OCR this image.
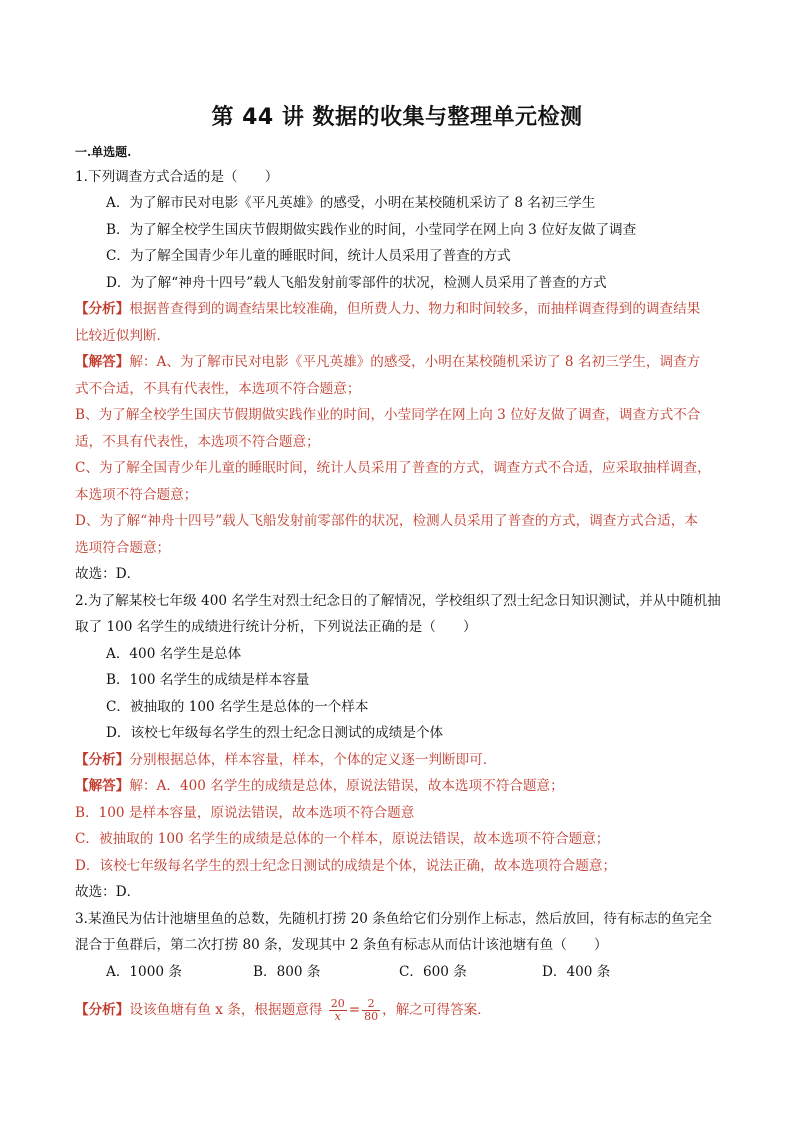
第 44 讲 数据的收集与整理单元检测
一.单选题.
1.下列调查方式合适的是（　　）
A．为了解市民对电影《平凡英雄》的感受，小明在某校随机采访了 8 名初三学生
B．为了解全校学生国庆节假期做实践作业的时间，小莹同学在网上向 3 位好友做了调查
C．为了解全国青少年儿童的睡眠时间，统计人员采用了普查的方式
D．为了解“神舟十四号”载人飞船发射前零部件的状况，检测人员采用了普查的方式
【分析】根据普查得到的调查结果比较准确，但所费人力、物力和时间较多，而抽样调查得到的调查结果
比较近似判断．
【解答】解：A、为了解市民对电影《平凡英雄》的感受，小明在某校随机采访了 8 名初三学生，调查方
式不合适，不具有代表性，本选项不符合题意；
B、为了解全校学生国庆节假期做实践作业的时间，小莹同学在网上向 3 位好友做了调查，调查方式不合
适，不具有代表性，本选项不符合题意；
C、为了解全国青少年儿童的睡眠时间，统计人员采用了普查的方式，调查方式不合适，应采取抽样调查，
本选项不符合题意；
D、为了解“神舟十四号”载人飞船发射前零部件的状况，检测人员采用了普查的方式，调查方式合适，本
选项符合题意；
故选：D．
2.为了解某校七年级 400 名学生对烈士纪念日的了解情况，学校组织了烈士纪念日知识测试，并从中随机抽
取了 100 名学生的成绩进行统计分析，下列说法正确的是（　　）
A．400 名学生是总体
B．100 名学生的成绩是样本容量
C．被抽取的 100 名学生是总体的一个样本
D．该校七年级每名学生的烈士纪念日测试的成绩是个体
【分析】分别根据总体，样本容量，样本，个体的定义逐一判断即可．
【解答】解：A．400 名学生的成绩是总体，原说法错误，故本选项不符合题意；
B．100 是样本容量，原说法错误，故本选项不符合题意
C．被抽取的 100 名学生的成绩是总体的一个样本，原说法错误，故本选项不符合题意；
D．该校七年级每名学生的烈士纪念日测试的成绩是个体，说法正确，故本选项符合题意；
故选：D．
3.某渔民为估计池塘里鱼的总数，先随机打捞 20 条鱼给它们分别作上标志，然后放回，待有标志的鱼完全
混合于鱼群后，第二次打捞 80 条，发现其中 2 条鱼有标志从而估计该池塘有鱼（　　）
A．1000 条	B．800 条	C．600 条	D．400 条
【分析】设该鱼塘有鱼 x 条，根据题意得 $\frac{20}{x} = \frac{2}{80}$ ，解之可得答案．
